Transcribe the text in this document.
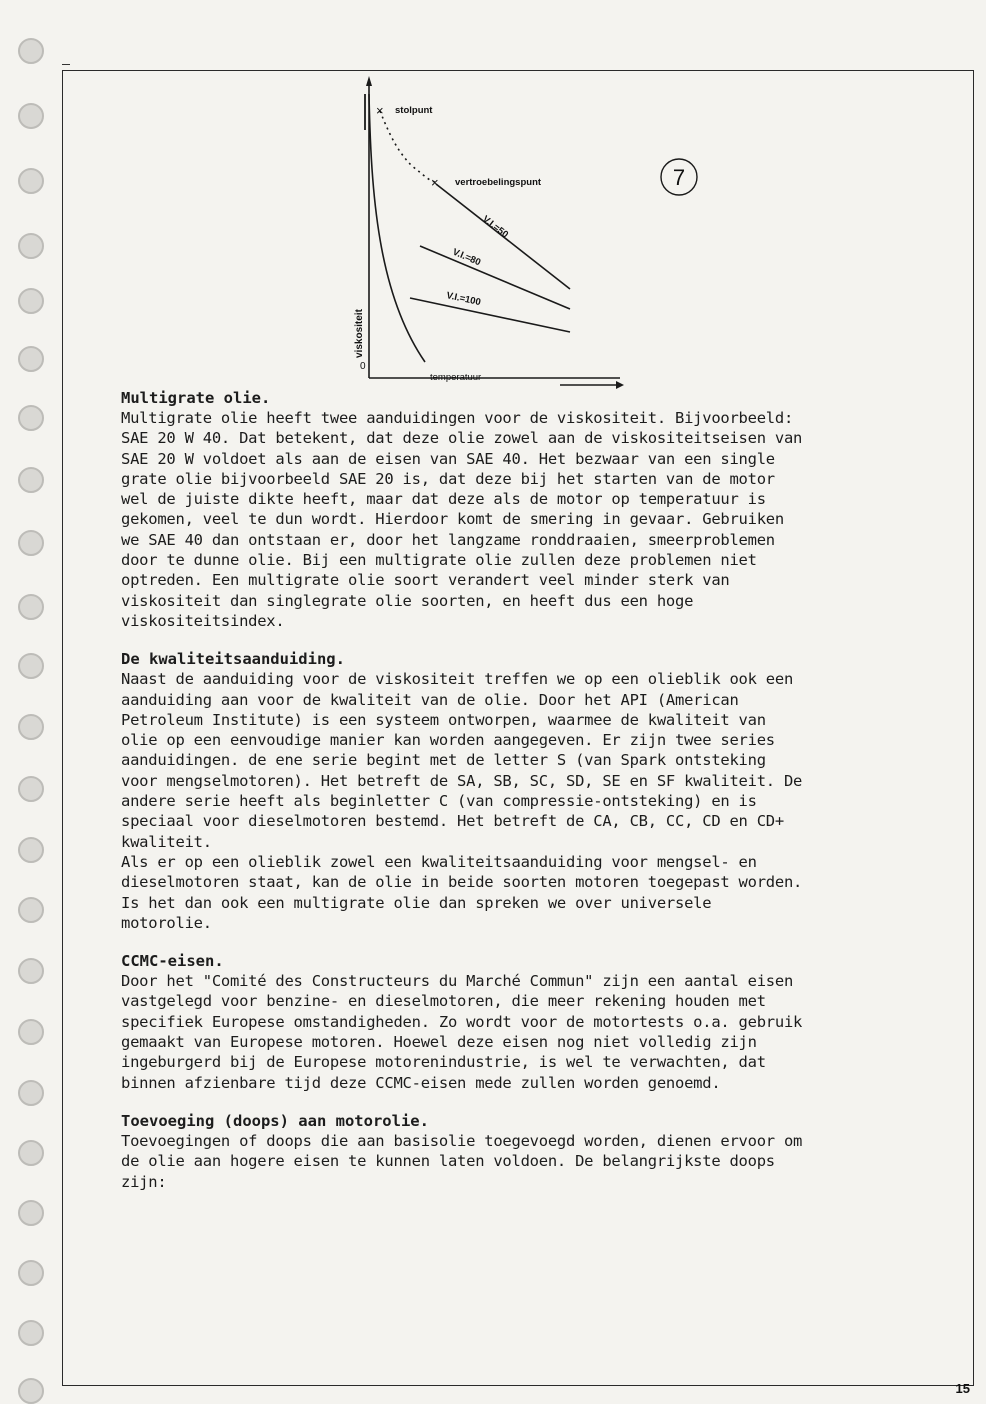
×
×
stolpunt
vertroebelingspunt
viskositeit
temperatuur
0
V.I.=50
V.I.=80
V.I.=100
7
Multigrate olie.

Multigrate olie heeft twee aanduidingen voor de viskositeit. Bijvoorbeeld:
SAE 20 W 40. Dat betekent, dat deze olie zowel aan de viskositeitseisen van
SAE 20 W voldoet als aan de eisen van SAE 40. Het bezwaar van een single
grate olie bijvoorbeeld SAE 20 is, dat deze bij het starten van de motor
wel de juiste dikte heeft, maar dat deze als de motor op temperatuur is
gekomen, veel te dun wordt. Hierdoor komt de smering in gevaar. Gebruiken
we SAE 40 dan ontstaan er, door het langzame ronddraaien, smeerproblemen
door te dunne olie. Bij een multigrate olie zullen deze problemen niet
optreden. Een multigrate olie soort verandert veel minder sterk van
viskositeit dan singlegrate olie soorten, en heeft dus een hoge
viskositeitsindex.

De kwaliteitsaanduiding.

Naast de aanduiding voor de viskositeit treffen we op een olieblik ook een
aanduiding aan voor de kwaliteit van de olie. Door het API (American
Petroleum Institute) is een systeem ontworpen, waarmee de kwaliteit van
olie op een eenvoudige manier kan worden aangegeven. Er zijn twee series
aanduidingen. de ene serie begint met de letter S (van Spark ontsteking
voor mengselmotoren). Het betreft de SA, SB, SC, SD, SE en SF kwaliteit. De
andere serie heeft als beginletter C (van compressie-ontsteking) en is
speciaal voor dieselmotoren bestemd. Het betreft de CA, CB, CC, CD en CD+
kwaliteit.

Als er op een olieblik zowel een kwaliteitsaanduiding voor mengsel- en
dieselmotoren staat, kan de olie in beide soorten motoren toegepast worden.
Is het dan ook een multigrate olie dan spreken we over universele
motorolie.

CCMC-eisen.

Door het "Comité des Constructeurs du Marché Commun" zijn een aantal eisen
vastgelegd voor benzine- en dieselmotoren, die meer rekening houden met
specifiek Europese omstandigheden. Zo wordt voor de motortests o.a. gebruik
gemaakt van Europese motoren. Hoewel deze eisen nog niet volledig zijn
ingeburgerd bij de Europese motorenindustrie, is wel te verwachten, dat
binnen afzienbare tijd deze CCMC-eisen mede zullen worden genoemd.

Toevoeging (doops) aan motorolie.

Toevoegingen of doops die aan basisolie toegevoegd worden, dienen ervoor om
de olie aan hogere eisen te kunnen laten voldoen. De belangrijkste doops
zijn:

15
